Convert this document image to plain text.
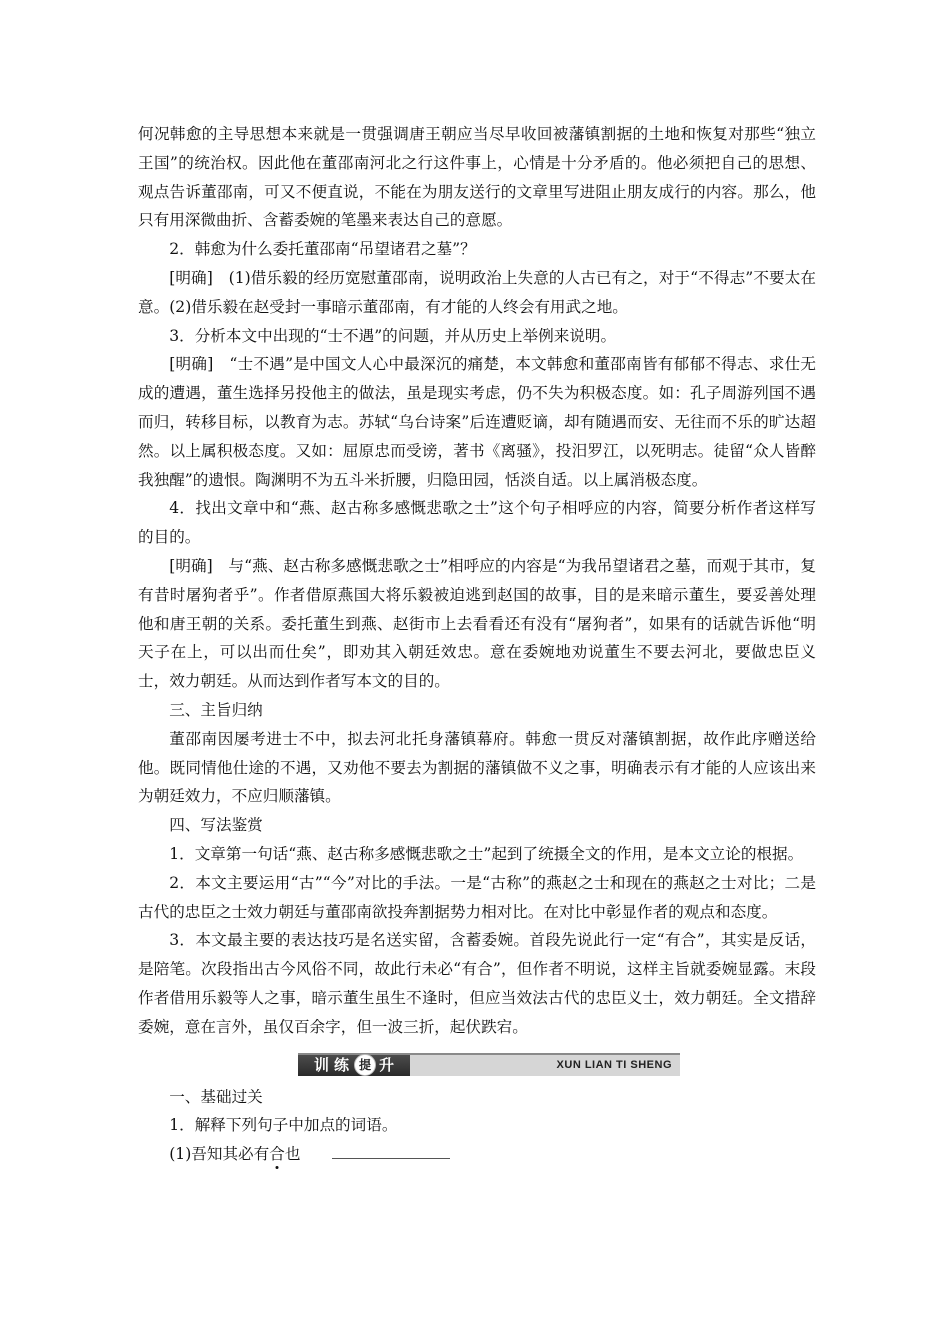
何况韩愈的主导思想本来就是一贯强调唐王朝应当尽早收回被藩镇割据的土地和恢复对那些“独立王国”的统治权。因此他在董邵南河北之行这件事上，心情是十分矛盾的。他必须把自己的思想、观点告诉董邵南，可又不便直说，不能在为朋友送行的文章里写进阻止朋友成行的内容。那么，他只有用深微曲折、含蓄委婉的笔墨来表达自己的意愿。

2．韩愈为什么委托董邵南“吊望诸君之墓”？

[明确]　(1)借乐毅的经历宽慰董邵南，说明政治上失意的人古已有之，对于“不得志”不要太在意。(2)借乐毅在赵受封一事暗示董邵南，有才能的人终会有用武之地。

3．分析本文中出现的“士不遇”的问题，并从历史上举例来说明。

[明确]　“士不遇”是中国文人心中最深沉的痛楚，本文韩愈和董邵南皆有郁郁不得志、求仕无成的遭遇，董生选择另投他主的做法，虽是现实考虑，仍不失为积极态度。如：孔子周游列国不遇而归，转移目标，以教育为志。苏轼“乌台诗案”后连遭贬谪，却有随遇而安、无往而不乐的旷达超然。以上属积极态度。又如：屈原忠而受谤，著书《离骚》，投汨罗江，以死明志。徒留“众人皆醉我独醒”的遗恨。陶渊明不为五斗米折腰，归隐田园，恬淡自适。以上属消极态度。

4．找出文章中和“燕、赵古称多感慨悲歌之士”这个句子相呼应的内容，简要分析作者这样写的目的。

[明确]　与“燕、赵古称多感慨悲歌之士”相呼应的内容是“为我吊望诸君之墓，而观于其市，复有昔时屠狗者乎”。作者借原燕国大将乐毅被迫逃到赵国的故事，目的是来暗示董生，要妥善处理他和唐王朝的关系。委托董生到燕、赵街市上去看看还有没有“屠狗者”，如果有的话就告诉他“明天子在上，可以出而仕矣”，即劝其入朝廷效忠。意在委婉地劝说董生不要去河北，要做忠臣义士，效力朝廷。从而达到作者写本文的目的。

三、主旨归纳

董邵南因屡考进士不中，拟去河北托身藩镇幕府。韩愈一贯反对藩镇割据，故作此序赠送给他。既同情他仕途的不遇，又劝他不要去为割据的藩镇做不义之事，明确表示有才能的人应该出来为朝廷效力，不应归顺藩镇。

四、写法鉴赏

1．文章第一句话“燕、赵古称多感慨悲歌之士”起到了统摄全文的作用，是本文立论的根据。

2．本文主要运用“古”“今”对比的手法。一是“古称”的燕赵之士和现在的燕赵之士对比；二是古代的忠臣之士效力朝廷与董邵南欲投奔割据势力相对比。在对比中彰显作者的观点和态度。

3．本文最主要的表达技巧是名送实留，含蓄委婉。首段先说此行一定“有合”，其实是反话，是陪笔。次段指出古今风俗不同，故此行未必“有合”，但作者不明说，这样主旨就委婉显露。末段作者借用乐毅等人之事，暗示董生虽生不逢时，但应当效法古代的忠臣义士，效力朝廷。全文措辞委婉，意在言外，虽仅百余字，但一波三折，起伏跌宕。

训 练 提 升	XUN LIAN TI SHENG

一、基础过关

1．解释下列句子中加点的词语。

(1)吾知其必有合也
